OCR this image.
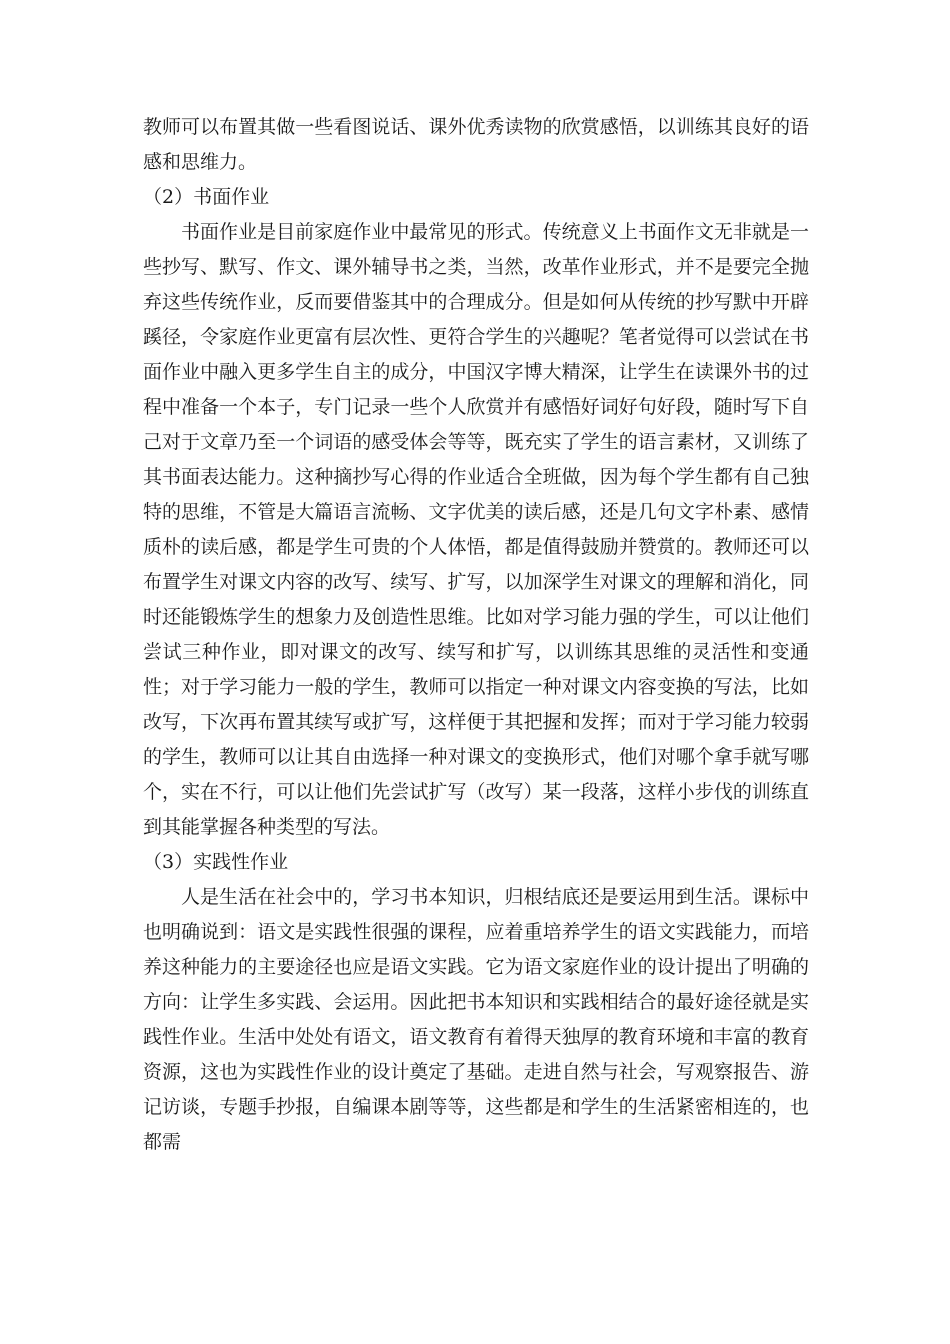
教师可以布置其做一些看图说话、课外优秀读物的欣赏感悟，以训练其良好的语感和思维力。

（2）书面作业

书面作业是目前家庭作业中最常见的形式。传统意义上书面作文无非就是一些抄写、默写、作文、课外辅导书之类，当然，改革作业形式，并不是要完全抛弃这些传统作业，反而要借鉴其中的合理成分。但是如何从传统的抄写默中开辟蹊径，令家庭作业更富有层次性、更符合学生的兴趣呢？笔者觉得可以尝试在书面作业中融入更多学生自主的成分，中国汉字博大精深，让学生在读课外书的过程中准备一个本子，专门记录一些个人欣赏并有感悟好词好句好段，随时写下自己对于文章乃至一个词语的感受体会等等，既充实了学生的语言素材，又训练了其书面表达能力。这种摘抄写心得的作业适合全班做，因为每个学生都有自己独特的思维，不管是大篇语言流畅、文字优美的读后感，还是几句文字朴素、感情质朴的读后感，都是学生可贵的个人体悟，都是值得鼓励并赞赏的。教师还可以布置学生对课文内容的改写、续写、扩写，以加深学生对课文的理解和消化，同时还能锻炼学生的想象力及创造性思维。比如对学习能力强的学生，可以让他们尝试三种作业，即对课文的改写、续写和扩写，以训练其思维的灵活性和变通性；对于学习能力一般的学生，教师可以指定一种对课文内容变换的写法，比如改写，下次再布置其续写或扩写，这样便于其把握和发挥；而对于学习能力较弱的学生，教师可以让其自由选择一种对课文的变换形式，他们对哪个拿手就写哪个，实在不行，可以让他们先尝试扩写（改写）某一段落，这样小步伐的训练直到其能掌握各种类型的写法。

（3）实践性作业

人是生活在社会中的，学习书本知识，归根结底还是要运用到生活。课标中也明确说到：语文是实践性很强的课程，应着重培养学生的语文实践能力，而培养这种能力的主要途径也应是语文实践。它为语文家庭作业的设计提出了明确的方向：让学生多实践、会运用。因此把书本知识和实践相结合的最好途径就是实践性作业。生活中处处有语文，语文教育有着得天独厚的教育环境和丰富的教育资源，这也为实践性作业的设计奠定了基础。走进自然与社会，写观察报告、游记访谈，专题手抄报，自编课本剧等等，这些都是和学生的生活紧密相连的，也都需
